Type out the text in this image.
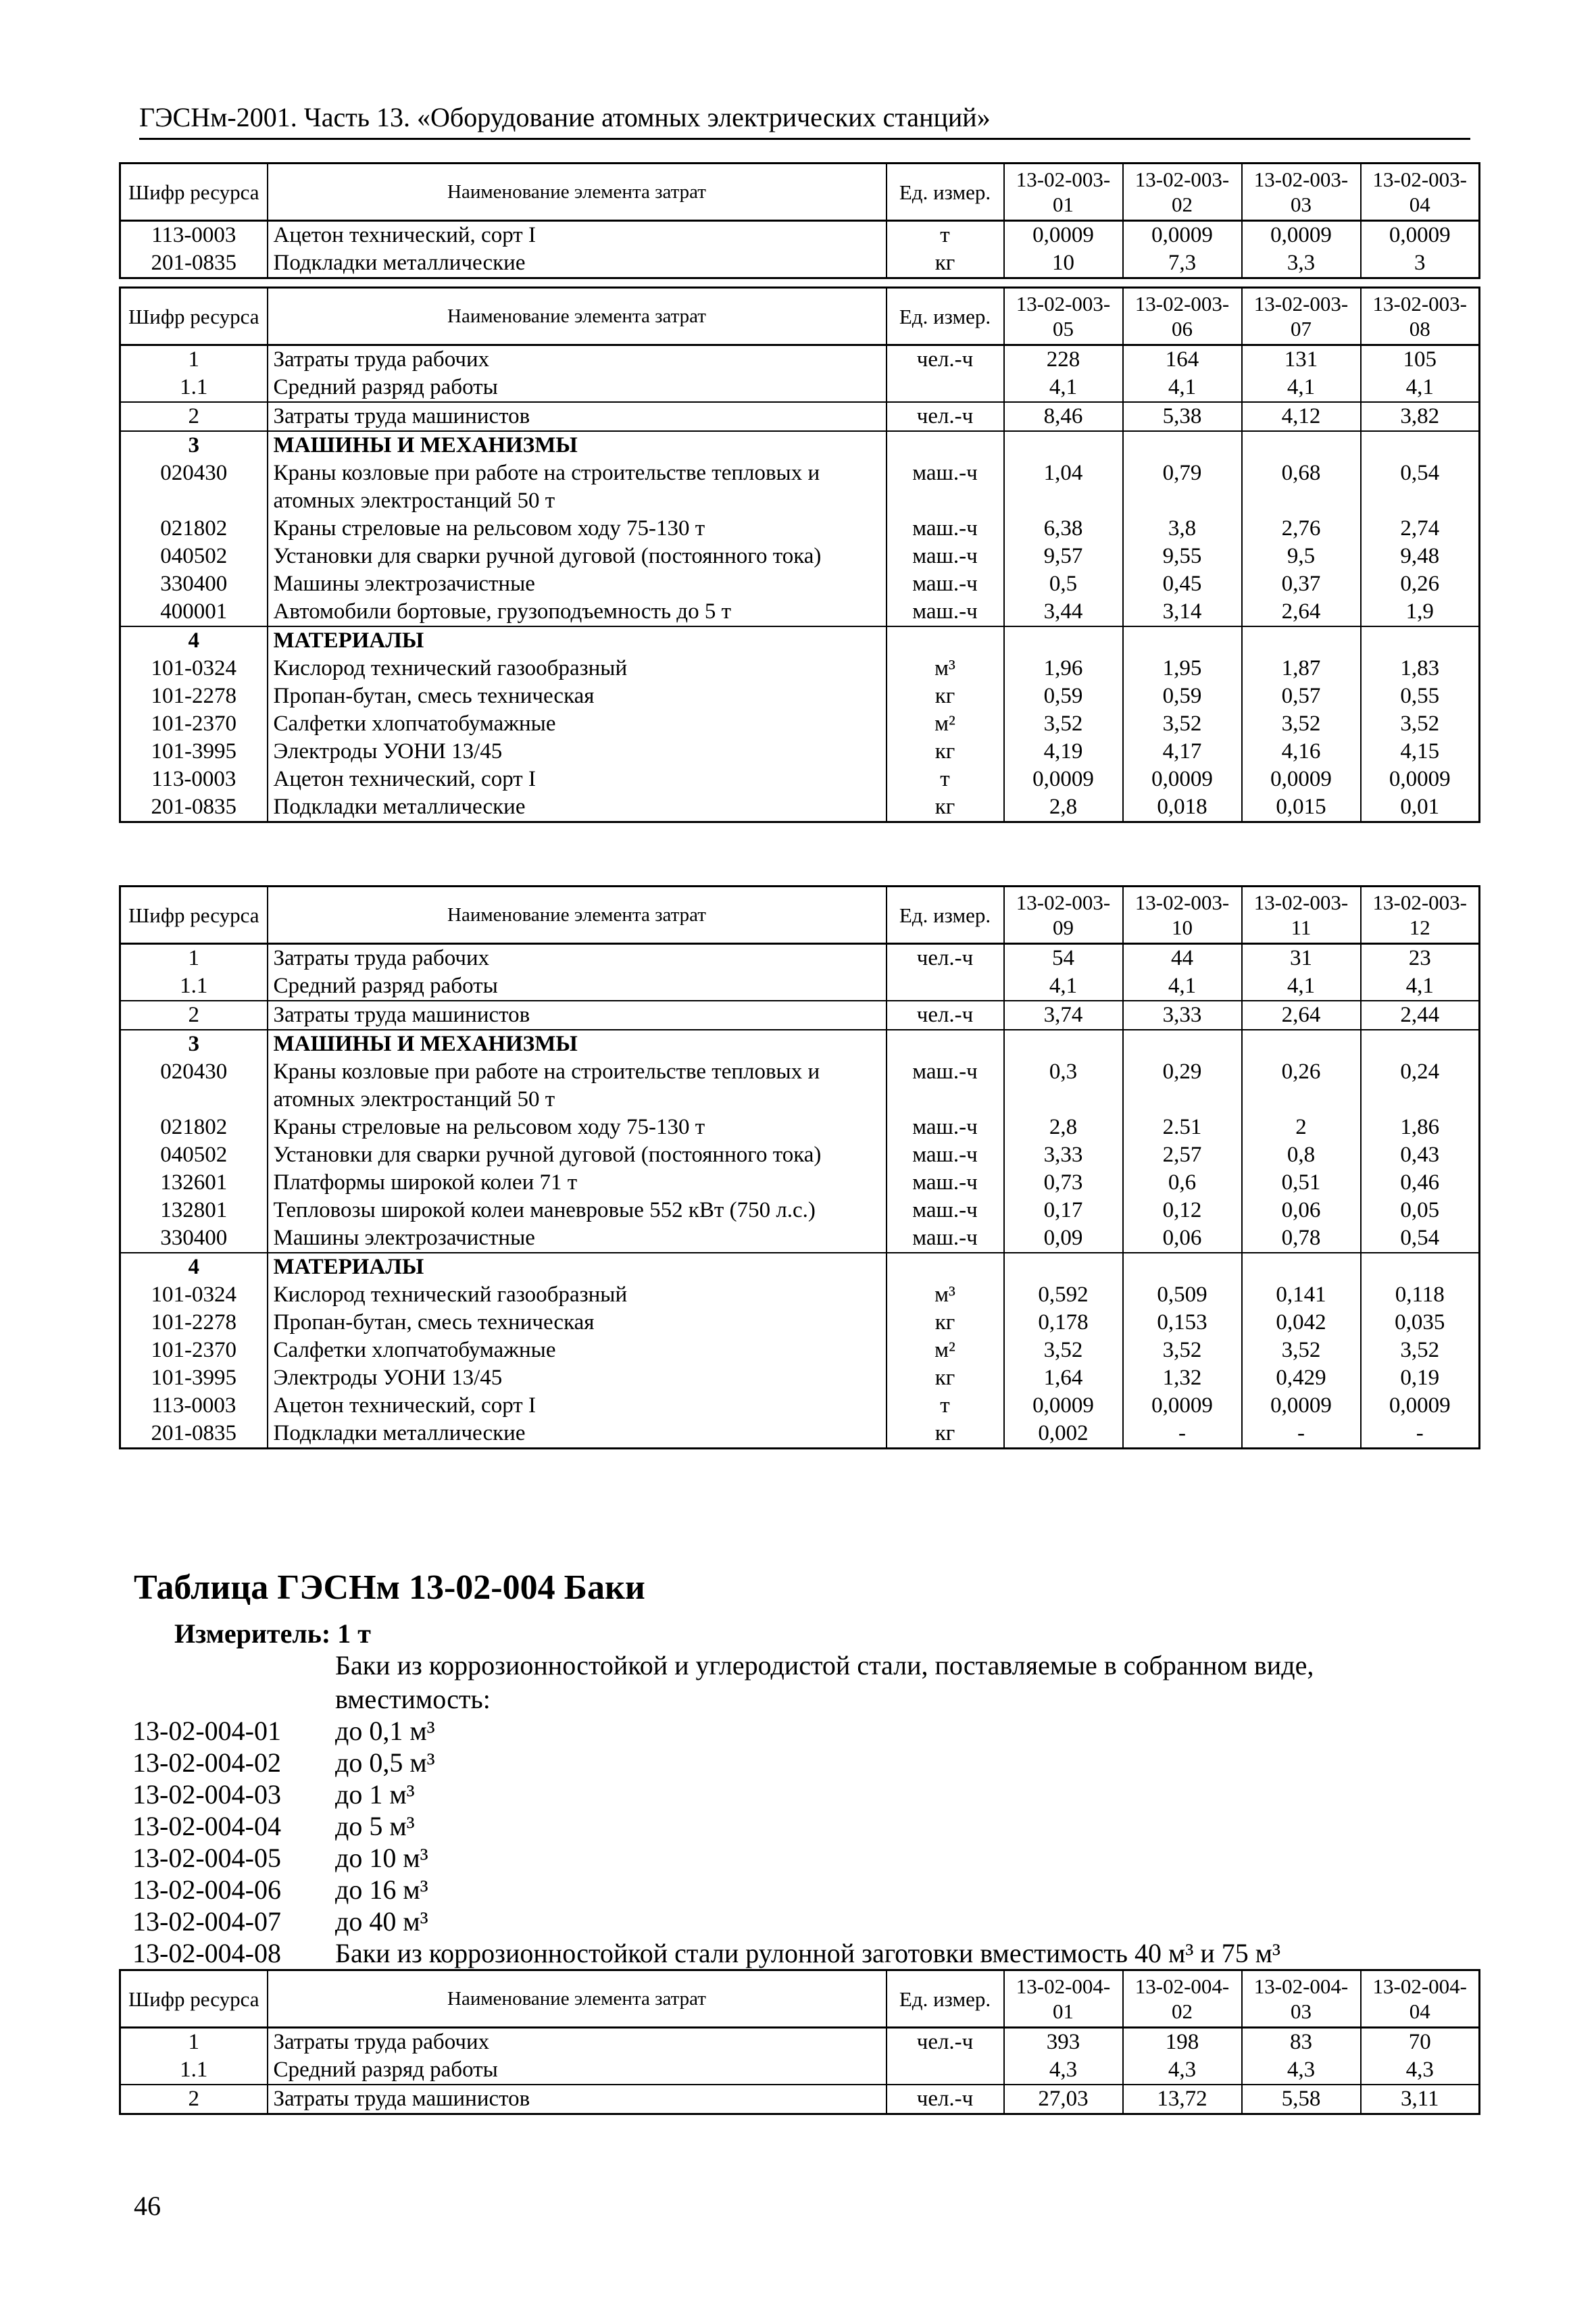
ГЭСНм-2001. Часть 13. «Оборудование атомных электрических станций»
Шифр ресурса	Наименование элемента затрат	Ед. измер.	13-02-003-01	13-02-003-02	13-02-003-03	13-02-003-04
113-0003	Ацетон технический, сорт I	т	0,0009	0,0009	0,0009	0,0009
201-0835	Подкладки металлические	кг	10	7,3	3,3	3
Шифр ресурса	Наименование элемента затрат	Ед. измер.	13-02-003-05	13-02-003-06	13-02-003-07	13-02-003-08
1	Затраты труда рабочих	чел.-ч	228	164	131	105
1.1	Средний разряд работы		4,1	4,1	4,1	4,1
2	Затраты труда машинистов	чел.-ч	8,46	5,38	4,12	3,82
3	МАШИНЫ И МЕХАНИЗМЫ					
020430	Краны козловые при работе на строительстве тепловых и атомных электростанций 50 т	маш.-ч	1,04	0,79	0,68	0,54
021802	Краны стреловые на рельсовом ходу 75-130 т	маш.-ч	6,38	3,8	2,76	2,74
040502	Установки для сварки ручной дуговой (постоянного тока)	маш.-ч	9,57	9,55	9,5	9,48
330400	Машины электрозачистные	маш.-ч	0,5	0,45	0,37	0,26
400001	Автомобили бортовые, грузоподъемность до 5 т	маш.-ч	3,44	3,14	2,64	1,9
4	МАТЕРИАЛЫ					
101-0324	Кислород технический газообразный	м³	1,96	1,95	1,87	1,83
101-2278	Пропан-бутан, смесь техническая	кг	0,59	0,59	0,57	0,55
101-2370	Салфетки хлопчатобумажные	м²	3,52	3,52	3,52	3,52
101-3995	Электроды УОНИ 13/45	кг	4,19	4,17	4,16	4,15
113-0003	Ацетон технический, сорт I	т	0,0009	0,0009	0,0009	0,0009
201-0835	Подкладки металлические	кг	2,8	0,018	0,015	0,01
Шифр ресурса	Наименование элемента затрат	Ед. измер.	13-02-003-09	13-02-003-10	13-02-003-11	13-02-003-12
1	Затраты труда рабочих	чел.-ч	54	44	31	23
1.1	Средний разряд работы		4,1	4,1	4,1	4,1
2	Затраты труда машинистов	чел.-ч	3,74	3,33	2,64	2,44
3	МАШИНЫ И МЕХАНИЗМЫ					
020430	Краны козловые при работе на строительстве тепловых и атомных электростанций 50 т	маш.-ч	0,3	0,29	0,26	0,24
021802	Краны стреловые на рельсовом ходу 75-130 т	маш.-ч	2,8	2.51	2	1,86
040502	Установки для сварки ручной дуговой (постоянного тока)	маш.-ч	3,33	2,57	0,8	0,43
132601	Платформы широкой колеи 71 т	маш.-ч	0,73	0,6	0,51	0,46
132801	Тепловозы широкой колеи маневровые 552 кВт (750 л.с.)	маш.-ч	0,17	0,12	0,06	0,05
330400	Машины электрозачистные	маш.-ч	0,09	0,06	0,78	0,54
4	МАТЕРИАЛЫ					
101-0324	Кислород технический газообразный	м³	0,592	0,509	0,141	0,118
101-2278	Пропан-бутан, смесь техническая	кг	0,178	0,153	0,042	0,035
101-2370	Салфетки хлопчатобумажные	м²	3,52	3,52	3,52	3,52
101-3995	Электроды УОНИ 13/45	кг	1,64	1,32	0,429	0,19
113-0003	Ацетон технический, сорт I	т	0,0009	0,0009	0,0009	0,0009
201-0835	Подкладки металлические	кг	0,002	-	-	-
Таблица ГЭСНм 13-02-004 Баки
Измеритель: 1 т
Баки из коррозионностойкой и углеродистой стали, поставляемые в собранном виде, вместимость:
13-02-004-01	до 0,1 м³
13-02-004-02	до 0,5 м³
13-02-004-03	до 1 м³
13-02-004-04	до 5 м³
13-02-004-05	до 10 м³
13-02-004-06	до 16 м³
13-02-004-07	до 40 м³
13-02-004-08	Баки из коррозионностойкой стали рулонной заготовки вместимость 40 м³ и 75 м³
Шифр ресурса	Наименование элемента затрат	Ед. измер.	13-02-004-01	13-02-004-02	13-02-004-03	13-02-004-04
1	Затраты труда рабочих	чел.-ч	393	198	83	70
1.1	Средний разряд работы		4,3	4,3	4,3	4,3
2	Затраты труда машинистов	чел.-ч	27,03	13,72	5,58	3,11
46
